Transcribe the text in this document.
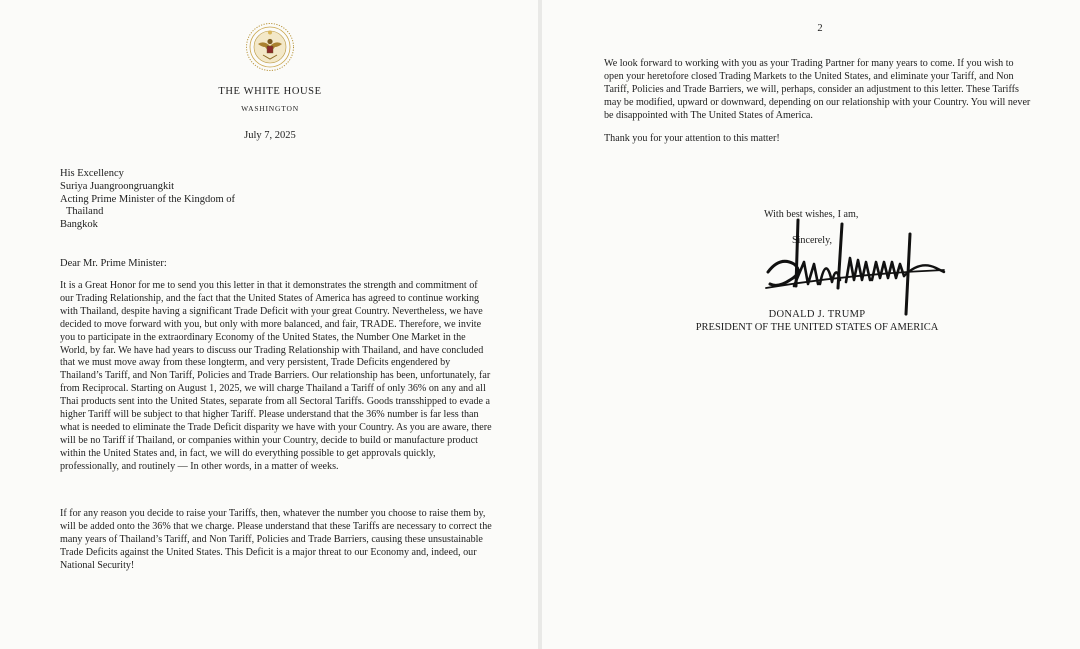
THE WHITE HOUSE

WASHINGTON

July 7, 2025

His Excellency
Suriya Juangroongruangkit
Acting Prime Minister of the Kingdom of
Thailand
Bangkok

Dear Mr. Prime Minister:

It is a Great Honor for me to send you this letter in that it demonstrates the strength and commitment of our Trading Relationship, and the fact that the United States of America has agreed to continue working with Thailand, despite having a significant Trade Deficit with your great Country. Nevertheless, we have decided to move forward with you, but only with more balanced, and fair, TRADE. Therefore, we invite you to participate in the extraordinary Economy of the United States, the Number One Market in the World, by far. We have had years to discuss our Trading Relationship with Thailand, and have concluded that we must move away from these longterm, and very persistent, Trade Deficits engendered by Thailand’s Tariff, and Non Tariff, Policies and Trade Barriers. Our relationship has been, unfortunately, far from Reciprocal. Starting on August 1, 2025, we will charge Thailand a Tariff of only 36% on any and all Thai products sent into the United States, separate from all Sectoral Tariffs. Goods transshipped to evade a higher Tariff will be subject to that higher Tariff. Please understand that the 36% number is far less than what is needed to eliminate the Trade Deficit disparity we have with your Country. As you are aware, there will be no Tariff if Thailand, or companies within your Country, decide to build or manufacture product within the United States and, in fact, we will do everything possible to get approvals quickly, professionally, and routinely — In other words, in a matter of weeks.

If for any reason you decide to raise your Tariffs, then, whatever the number you choose to raise them by, will be added onto the 36% that we charge. Please understand that these Tariffs are necessary to correct the many years of Thailand’s Tariff, and Non Tariff, Policies and Trade Barriers, causing these unsustainable Trade Deficits against the United States. This Deficit is a major threat to our Economy and, indeed, our National Security!

2

We look forward to working with you as your Trading Partner for many years to come. If you wish to open your heretofore closed Trading Markets to the United States, and eliminate your Tariff, and Non Tariff, Policies and Trade Barriers, we will, perhaps, consider an adjustment to this letter. These Tariffs may be modified, upward or downward, depending on our relationship with your Country. You will never be disappointed with The United States of America.

Thank you for your attention to this matter!

With best wishes, I am,

Sincerely,

DONALD J. TRUMP

PRESIDENT OF THE UNITED STATES OF AMERICA
